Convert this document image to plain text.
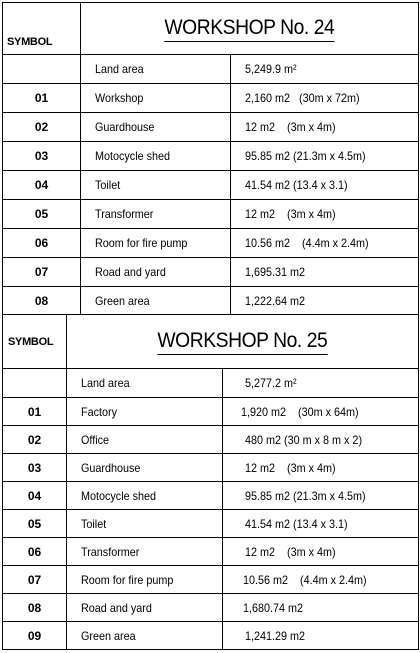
SYMBOL	WORKSHOP No. 24	
	Land area	5,249.9 m²
01	Workshop	2,160 m2   (30m x 72m)
02	Guardhouse	12 m2    (3m x 4m)
03	Motocycle shed	95.85 m2 (21.3m x 4.5m)
04	Toilet	41.54 m2 (13.4 x 3.1)
05	Transformer	12 m2    (3m x 4m)
06	Room for fire pump	10.56 m2    (4.4m x 2.4m)
07	Road and yard	1,695.31 m2
08	Green area	1,222.64 m2
SYMBOL	WORKSHOP No. 25	
	Land area	5,277.2 m²
01	Factory	1,920 m2    (30m x 64m)
02	Office	480 m2 (30 m x 8 m x 2)
03	Guardhouse	12 m2    (3m x 4m)
04	Motocycle shed	95.85 m2 (21.3m x 4.5m)
05	Toilet	41.54 m2 (13.4 x 3.1)
06	Transformer	12 m2    (3m x 4m)
07	Room for fire pump	10.56 m2    (4.4m x 2.4m)
08	Road and yard	1,680.74 m2
09	Green area	1,241.29 m2
